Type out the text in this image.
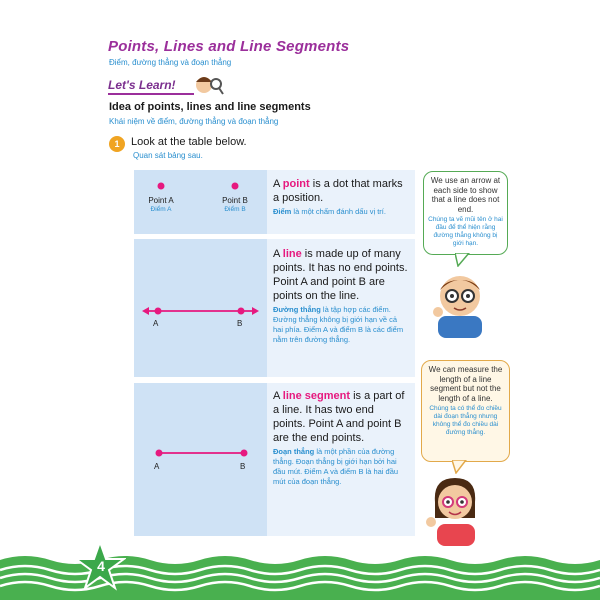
Points, Lines and Line Segments
Điểm, đường thẳng và đoạn thẳng
Let's Learn!
Idea of points, lines and line segments
Khái niệm về điểm, đường thẳng và đoạn thẳng
1	Look at the table below.
Quan sát bảng sau.
Point A
Điểm A
Point B
Điểm B
A point is a dot that marks a position.
Điểm là một chấm đánh dấu vị trí.
A	B
A line is made up of many points. It has no end points. Point A and point B are points on the line.
Đường thẳng là tập hợp các điểm. Đường thẳng không bị giới hạn về cả hai phía. Điểm A và điểm B là các điểm nằm trên đường thẳng.
A	B
A line segment is a part of a line. It has two end points. Point A and point B are the end points.
Đoạn thẳng là một phần của đường thẳng. Đoạn thẳng bị giới hạn bởi hai đầu mút. Điểm A và điểm B là hai đầu mút của đoạn thẳng.
We use an arrow at each side to show that a line does not end.
Chúng ta vẽ mũi tên ở hai đầu để thể hiện rằng đường thẳng không bị giới hạn.
We can measure the length of a line segment but not the length of a line.
Chúng ta có thể đo chiều dài đoạn thẳng nhưng không thể đo chiều dài đường thẳng.
4
